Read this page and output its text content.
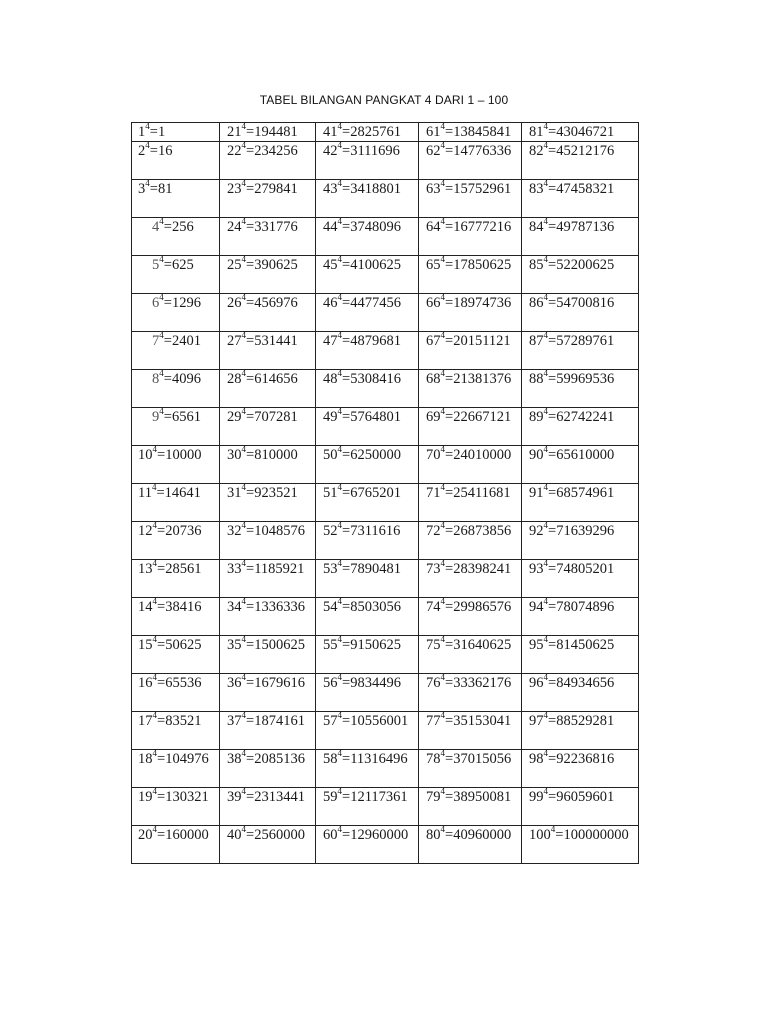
TABEL BILANGAN PANGKAT 4 DARI 1 – 100
$1^4=1$	$21^4=194481$	$41^4=2825761$	$61^4=13845841$	$81^4=43046721$

$2^4=16$	$22^4=234256$	$42^4=3111696$	$62^4=14776336$	$82^4=45212176$

$3^4=81$	$23^4=279841$	$43^4=3418801$	$63^4=15752961$	$83^4=47458321$

$4^4=256$	$24^4=331776$	$44^4=3748096$	$64^4=16777216$	$84^4=49787136$

$5^4=625$	$25^4=390625$	$45^4=4100625$	$65^4=17850625$	$85^4=52200625$

$6^4=1296$	$26^4=456976$	$46^4=4477456$	$66^4=18974736$	$86^4=54700816$

$7^4=2401$	$27^4=531441$	$47^4=4879681$	$67^4=20151121$	$87^4=57289761$

$8^4=4096$	$28^4=614656$	$48^4=5308416$	$68^4=21381376$	$88^4=59969536$

$9^4=6561$	$29^4=707281$	$49^4=5764801$	$69^4=22667121$	$89^4=62742241$

$10^4=10000$	$30^4=810000$	$50^4=6250000$	$70^4=24010000$	$90^4=65610000$

$11^4=14641$	$31^4=923521$	$51^4=6765201$	$71^4=25411681$	$91^4=68574961$

$12^4=20736$	$32^4=1048576$	$52^4=7311616$	$72^4=26873856$	$92^4=71639296$

$13^4=28561$	$33^4=1185921$	$53^4=7890481$	$73^4=28398241$	$93^4=74805201$

$14^4=38416$	$34^4=1336336$	$54^4=8503056$	$74^4=29986576$	$94^4=78074896$

$15^4=50625$	$35^4=1500625$	$55^4=9150625$	$75^4=31640625$	$95^4=81450625$

$16^4=65536$	$36^4=1679616$	$56^4=9834496$	$76^4=33362176$	$96^4=84934656$

$17^4=83521$	$37^4=1874161$	$57^4=10556001$	$77^4=35153041$	$97^4=88529281$

$18^4=104976$	$38^4=2085136$	$58^4=11316496$	$78^4=37015056$	$98^4=92236816$

$19^4=130321$	$39^4=2313441$	$59^4=12117361$	$79^4=38950081$	$99^4=96059601$

$20^4=160000$	$40^4=2560000$	$60^4=12960000$	$80^4=40960000$	$100^4=100000000$
